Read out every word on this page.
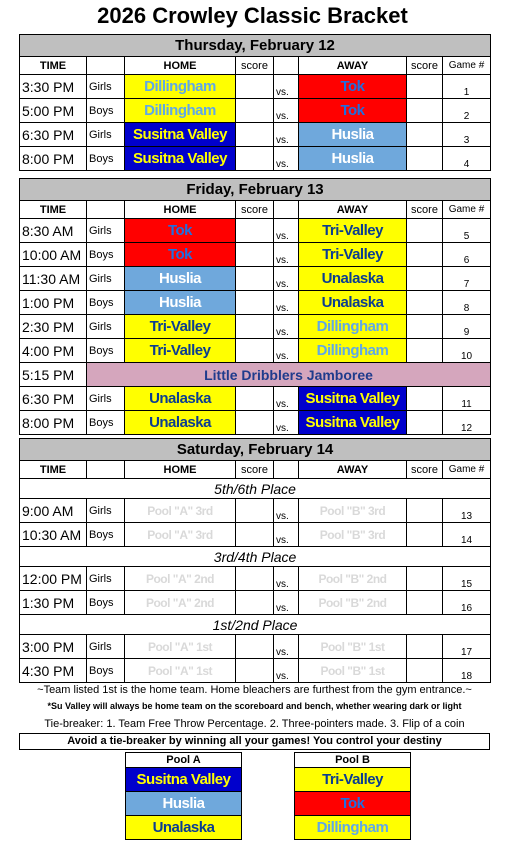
2026 Crowley Classic Bracket
Thursday, February 12							
TIME		HOME	score		AWAY	score	Game #
3:30 PM	Girls	Dillingham		vs.	Tok		1
5:00 PM	Boys	Dillingham		vs.	Tok		2
6:30 PM	Girls	Susitna Valley		vs.	Huslia		3
8:00 PM	Boys	Susitna Valley		vs.	Huslia		4
Friday, February 13							
TIME		HOME	score		AWAY	score	Game #
8:30 AM	Girls	Tok		vs.	Tri-Valley		5
10:00 AM	Boys	Tok		vs.	Tri-Valley		6
11:30 AM	Girls	Huslia		vs.	Unalaska		7
1:00 PM	Boys	Huslia		vs.	Unalaska		8
2:30 PM	Girls	Tri-Valley		vs.	Dillingham		9
4:00 PM	Boys	Tri-Valley		vs.	Dillingham		10
5:15 PM	Little Dribblers Jamboree						
6:30 PM	Girls	Unalaska		vs.	Susitna Valley		11
8:00 PM	Boys	Unalaska		vs.	Susitna Valley		12
Saturday, February 14							
TIME		HOME	score		AWAY	score	Game #
5th/6th Place							
9:00 AM	Girls	Pool "A" 3rd		vs.	Pool "B" 3rd		13
10:30 AM	Boys	Pool "A" 3rd		vs.	Pool "B" 3rd		14
3rd/4th Place							
12:00 PM	Girls	Pool "A" 2nd		vs.	Pool "B" 2nd		15
1:30 PM	Boys	Pool "A" 2nd		vs.	Pool "B" 2nd		16
1st/2nd Place							
3:00 PM	Girls	Pool "A" 1st		vs.	Pool "B" 1st		17
4:30 PM	Boys	Pool "A" 1st		vs.	Pool "B" 1st		18
~Team listed 1st is the home team. Home bleachers are furthest from the gym entrance.~
*Su Valley will always be home team on the scoreboard and bench, whether wearing dark or light
Tie-breaker: 1. Team Free Throw Percentage. 2. Three-pointers made. 3. Flip of a coin
Avoid a tie-breaker by winning all your games! You control your destiny
Pool A
Susitna Valley
Huslia
Unalaska
Pool B
Tri-Valley
Tok
Dillingham
